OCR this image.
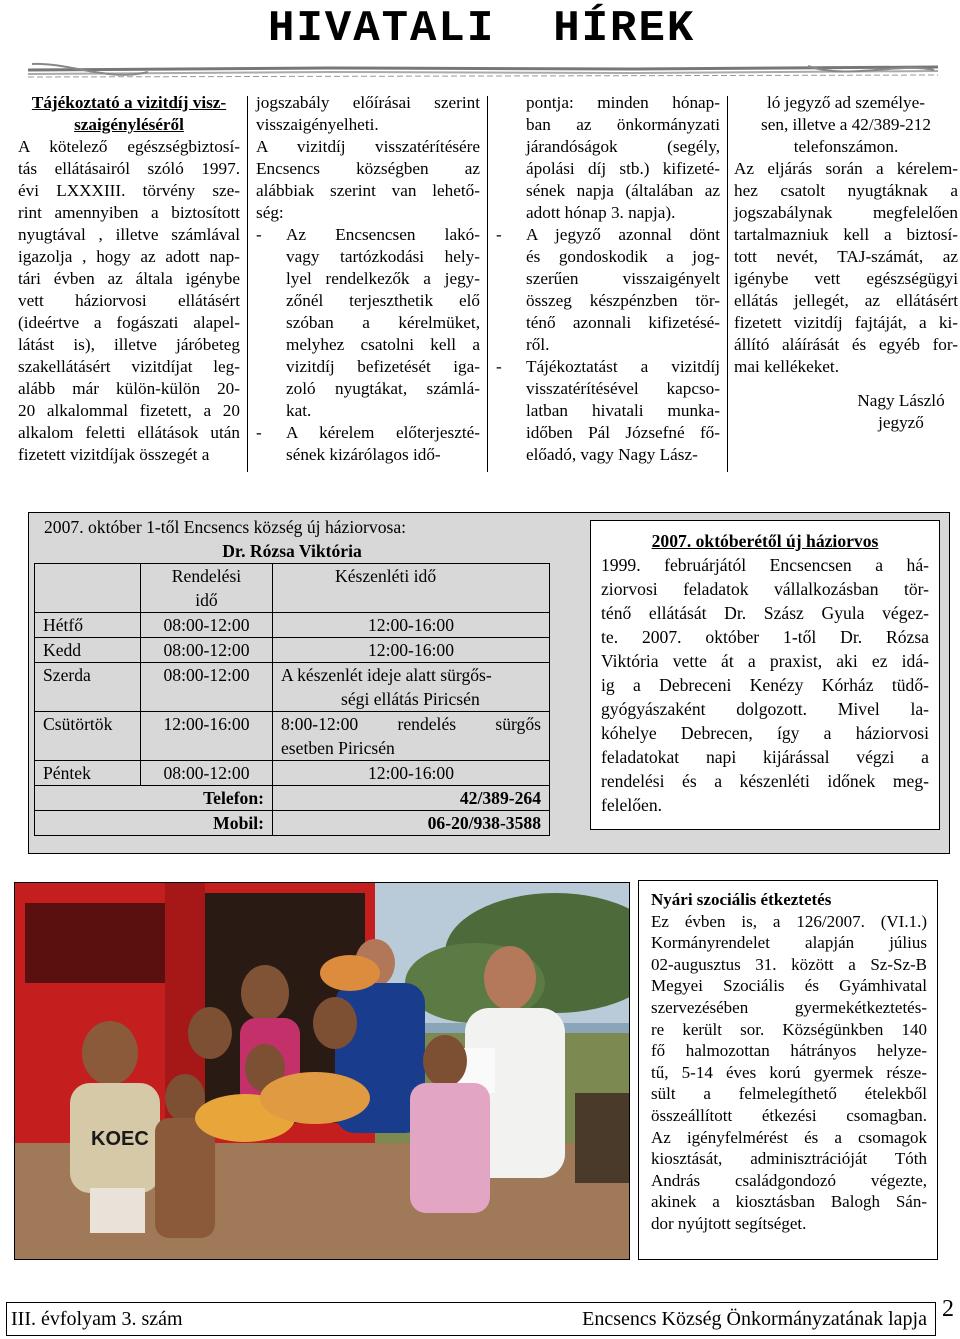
HIVATALI HÍREK

Tájékoztató a vizitdíj visz-

szaigényléséről

A kötelező egészségbiztosí-

tás ellátásairól szóló 1997.

évi LXXXIII. törvény sze-

rint amennyiben a biztosított

nyugtával , illetve számlával

igazolja , hogy az adott nap-

tári évben az általa igénybe

vett háziorvosi ellátásért

(ideértve a fogászati alapel-

látást is), illetve járóbeteg

szakellátásért vizitdíjat leg-

alább már külön-külön 20-

20 alkalommal fizetett, a 20

alkalom feletti ellátások után

fizetett vizitdíjak összegét a

jogszabály előírásai szerint

visszaigényelheti.

A vizitdíj visszatérítésére

Encsencs községben az

alábbiak szerint van lehető-

ség:

-	Az Encsencsen lakó-

vagy tartózkodási hely-

lyel rendelkezők a jegy-

zőnél terjeszthetik elő

szóban a kérelmüket,

melyhez csatolni kell a

vizitdíj befizetését iga-

zoló nyugtákat, számlá-

kat.

-	A kérelem előterjeszté-

sének kizárólagos idő-

pontja: minden hónap-

ban az önkormányzati

járandóságok (segély,

ápolási díj stb.) kifizeté-

sének napja (általában az

adott hónap 3. napja).

-	A jegyző azonnal dönt

és gondoskodik a jog-

szerűen visszaigényelt

összeg készpénzben tör-

ténő azonnali kifizetésé-

ről.

-	Tájékoztatást a vizitdíj

visszatérítésével kapcso-

latban hivatali munka-

időben Pál Józsefné fő-

előadó, vagy Nagy Lász-

ló jegyző ad személye-

sen, illetve a 42/389-212

telefonszámon.

Az eljárás során a kérelem-

hez csatolt nyugtáknak a

jogszabálynak megfelelően

tartalmazniuk kell a biztosí-

tott nevét, TAJ-számát, az

igénybe vett egészségügyi

ellátás jellegét, az ellátásért

fizetett vizitdíj fajtáját, a ki-

állító aláírását és egyéb for-

mai kellékeket.

Nagy László

jegyző

2007. október 1-től Encsencs község új háziorvosa:

Dr. Rózsa Viktória

	Rendelési
idő	Készenléti idő
Hétfő	08:00-12:00	12:00-16:00
Kedd	08:00-12:00	12:00-16:00
Szerda	08:00-12:00	A készenlét ideje alatt sürgős-
ségi ellátás Piricsén
Csütörtök	12:00-16:00	8:00-12:00 rendelés sürgős
esetben Piricsén
Péntek	08:00-12:00	12:00-16:00
Telefon:		42/389-264
Mobil:		06-20/938-3588

2007. októberétől új háziorvos

1999. februárjától Encsencsen a há-

ziorvosi feladatok vállalkozásban tör-

ténő ellátását Dr. Szász Gyula végez-

te. 2007. október 1-től Dr. Rózsa

Viktória vette át a praxist, aki ez idá-

ig a Debreceni Kenézy Kórház tüdő-

gyógyászaként dolgozott. Mivel la-

kóhelye Debrecen, így a háziorvosi

feladatokat napi kijárással végzi a

rendelési és a készenléti időnek meg-

felelően.

KOEC

Nyári szociális étkeztetés

Ez évben is, a 126/2007. (VI.1.)

Kormányrendelet alapján július

02-augusztus 31. között a Sz-Sz-B

Megyei Szociális és Gyámhivatal

szervezésében gyermekétkeztetés-

re került sor. Községünkben 140

fő halmozottan hátrányos helyze-

tű, 5-14 éves korú gyermek része-

sült a felmelegíthető ételekből

összeállított étkezési csomagban.

Az igényfelmérést és a csomagok

kiosztását, adminisztrációját Tóth

András családgondozó végezte,

akinek a kiosztásban Balogh Sán-

dor nyújtott segítséget.

III. évfolyam 3. szám	Encsencs Község Önkormányzatának lapja 2
